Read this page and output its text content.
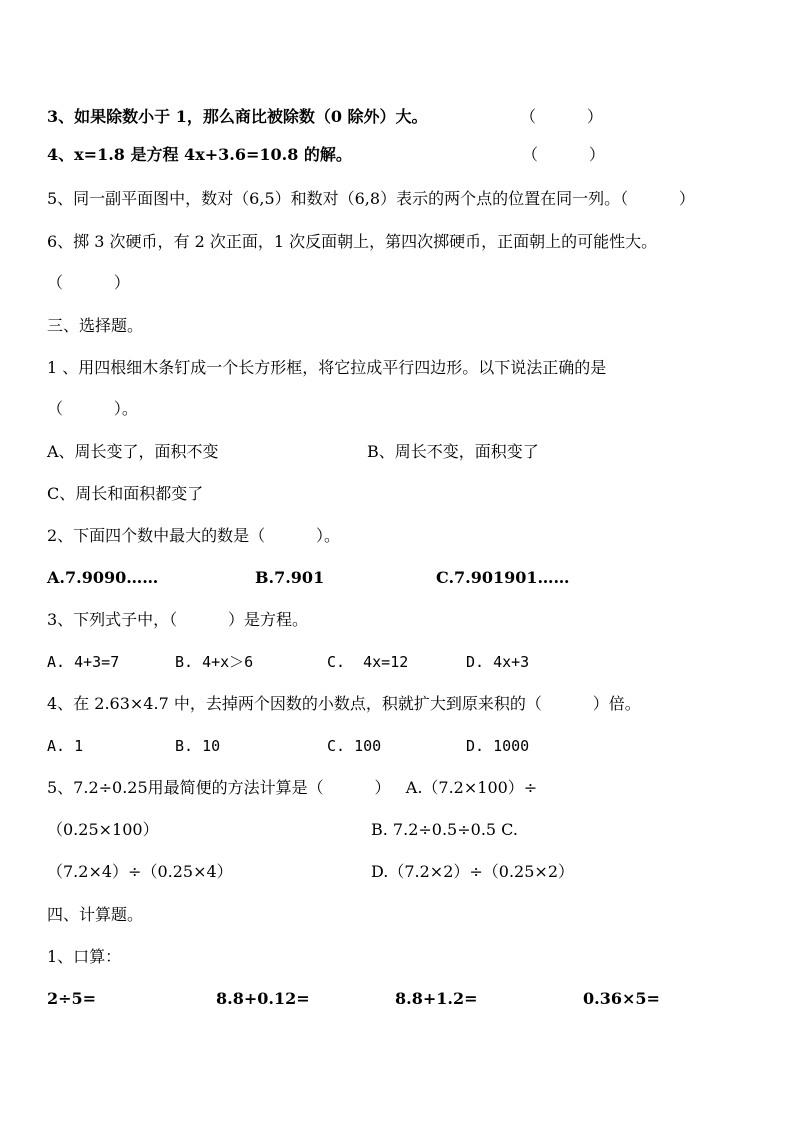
3、如果除数小于 1，那么商比被除数（0 除外）大。	（          ）
4、x=1.8 是方程 4x+3.6=10.8 的解。	（          ）
5、同一副平面图中，数对（6,5）和数对（6,8）表示的两个点的位置在同一列。（          ）
6、掷 3 次硬币，有 2 次正面，1 次反面朝上，第四次掷硬币，正面朝上的可能性大。
（          ）
三、选择题。
1 、用四根细木条钉成一个长方形框，将它拉成平行四边形。以下说法正确的是
（          ）。
A、周长变了，面积不变	B、周长不变，面积变了
C、周长和面积都变了
2、下面四个数中最大的数是（          ）。
A.7.9090……	B.7.901	C.7.901901……
3、下列式子中，（          ）是方程。
A. 4+3=7	B. 4+x＞6	C.  4x=12	D. 4x+3
4、在 2.63×4.7 中，去掉两个因数的小数点，积就扩大到原来积的（          ）倍。
A. 1	B. 10	C. 100	D. 1000
5、7.2÷0.25用最简便的方法计算是（          ）   A.（7.2×100）÷
（0.25×100）	B. 7.2÷0.5÷0.5 C.
（7.2×4）÷（0.25×4）	D.（7.2×2）÷（0.25×2）
四、计算题。
1、口算：
2÷5=	8.8+0.12=	8.8+1.2=	0.36×5=
